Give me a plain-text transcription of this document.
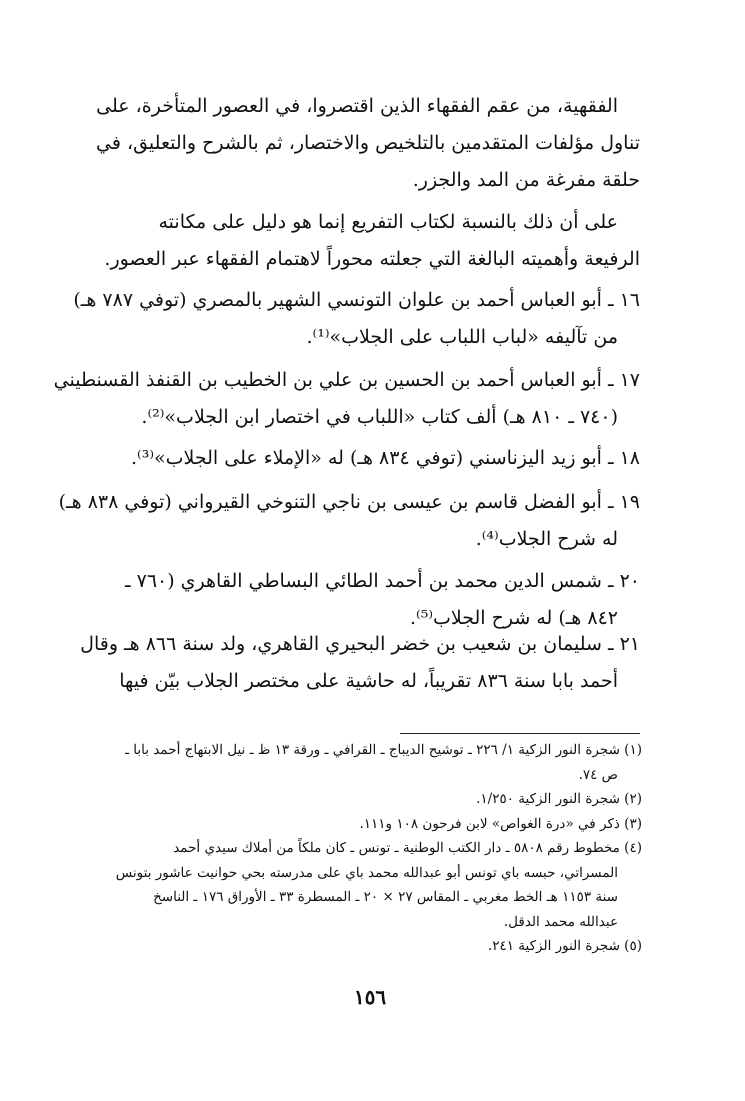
الفقهية، من عقم الفقهاء الذين اقتصروا، في العصور المتأخرة، على
تناول مؤلفات المتقدمين بالتلخيص والاختصار، ثم بالشرح والتعليق، في
حلقة مفرغة من المد والجزر.
على أن ذلك بالنسبة لكتاب التفريع إنما هو دليل على مكانته
الرفيعة وأهميته البالغة التي جعلته محوراً لاهتمام الفقهاء عبر العصور.
١٦ ـ أبو العباس أحمد بن علوان التونسي الشهير بالمصري (توفي ٧٨٧ هـ)
من تآليفه «لباب اللباب على الجلاب»⁽¹⁾.
١٧ ـ أبو العباس أحمد بن الحسين بن علي بن الخطيب بن القنفذ القسنطيني
(٧٤٠ ـ ٨١٠ هـ) ألف كتاب «اللباب في اختصار ابن الجلاب»⁽²⁾.
١٨ ـ أبو زيد اليزناسني (توفي ٨٣٤ هـ) له «الإملاء على الجلاب»⁽³⁾.
١٩ ـ أبو الفضل قاسم بن عيسى بن ناجي التنوخي القيرواني (توفي ٨٣٨ هـ)
له شرح الجلاب⁽⁴⁾.
٢٠ ـ شمس الدين محمد بن أحمد الطائي البساطي القاهري (٧٦٠ ـ
٨٤٢ هـ) له شرح الجلاب⁽⁵⁾.
٢١ ـ سليمان بن شعيب بن خضر البحيري القاهري، ولد سنة ٨٦٦ هـ وقال
أحمد بابا سنة ٨٣٦ تقريباً، له حاشية على مختصر الجلاب بيّن فيها
(١) شجرة النور الزكية ١/ ٢٢٦ ـ توشيح الديباج ـ القرافي ـ ورقة ١٣ ظ ـ نيل الابتهاج أحمد بابا ـ
ص ٧٤.
(٢) شجرة النور الزكية ١/٢٥٠.
(٣) ذكر في «درة الغواص» لابن فرحون ١٠٨ و١١١.
(٤) مخطوط رقم ٥٨٠٨ ـ دار الكتب الوطنية ـ تونس ـ كان ملكاً من أملاك سيدي أحمد
المسراتي، حبسه باي تونس أبو عبدالله محمد باي على مدرسته بحي حوانيت عاشور بتونس
سنة ١١٥٣ هـ الخط مغربي ـ المقاس ٢٧ × ٢٠ ـ المسطرة ٣٣ ـ الأوراق ١٧٦ ـ الناسخ
عبدالله محمد الدقل.
(٥) شجرة النور الزكية ٢٤١.
١٥٦
